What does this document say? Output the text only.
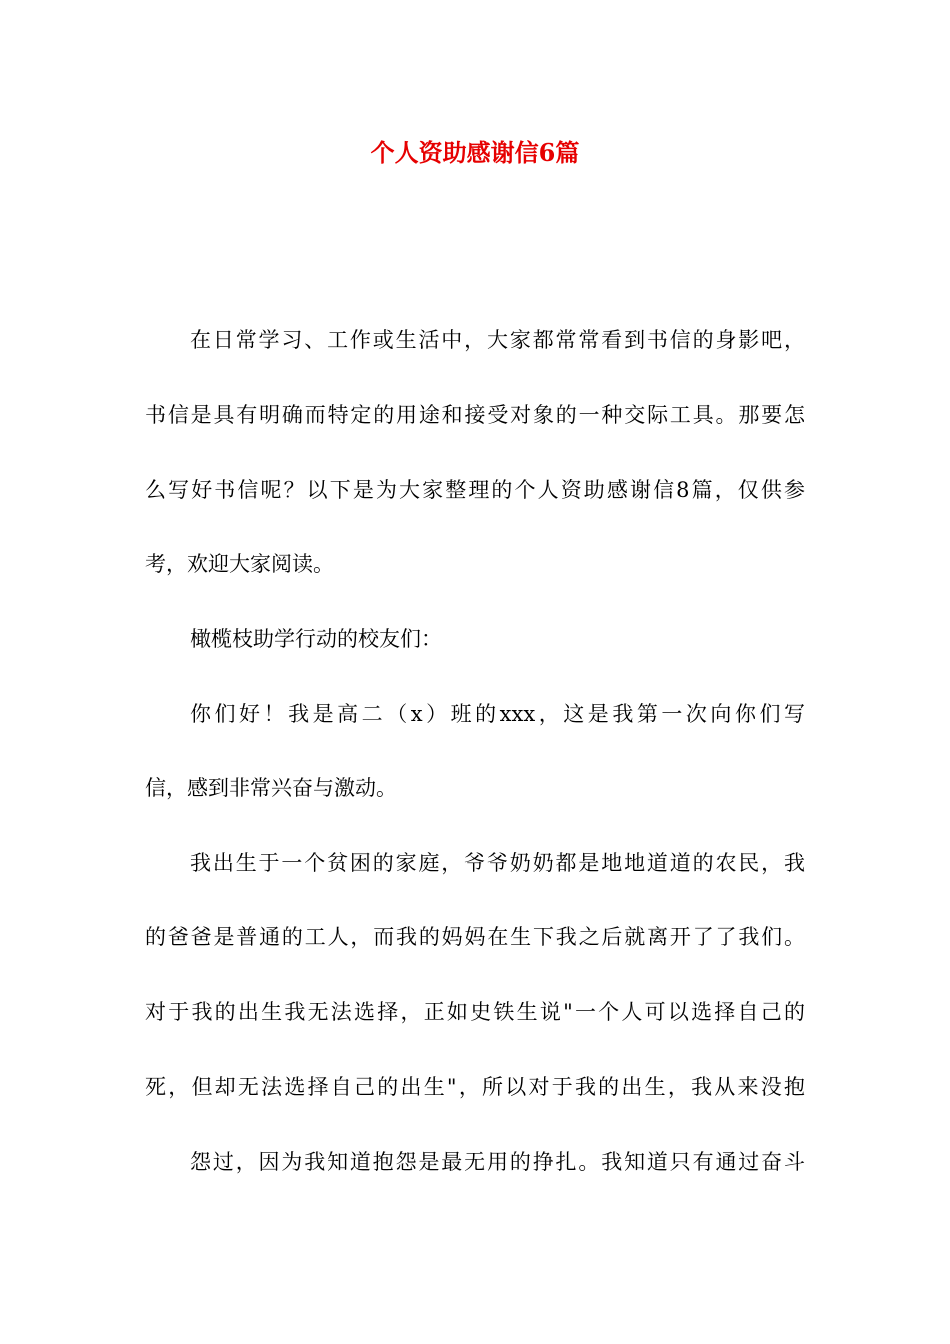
个人资助感谢信6篇

在日常学习、工作或生活中，大家都常常看到书信的身影吧，

书信是具有明确而特定的用途和接受对象的一种交际工具。那要怎

么写好书信呢？以下是为大家整理的个人资助感谢信8篇，仅供参

考，欢迎大家阅读。

橄榄枝助学行动的校友们：

你们好！我是高二（x）班的xxx，这是我第一次向你们写

信，感到非常兴奋与激动。

我出生于一个贫困的家庭，爷爷奶奶都是地地道道的农民，我

的爸爸是普通的工人，而我的妈妈在生下我之后就离开了了我们。

对于我的出生我无法选择，正如史铁生说"一个人可以选择自己的

死，但却无法选择自己的出生"，所以对于我的出生，我从来没抱

怨过，因为我知道抱怨是最无用的挣扎。我知道只有通过奋斗
